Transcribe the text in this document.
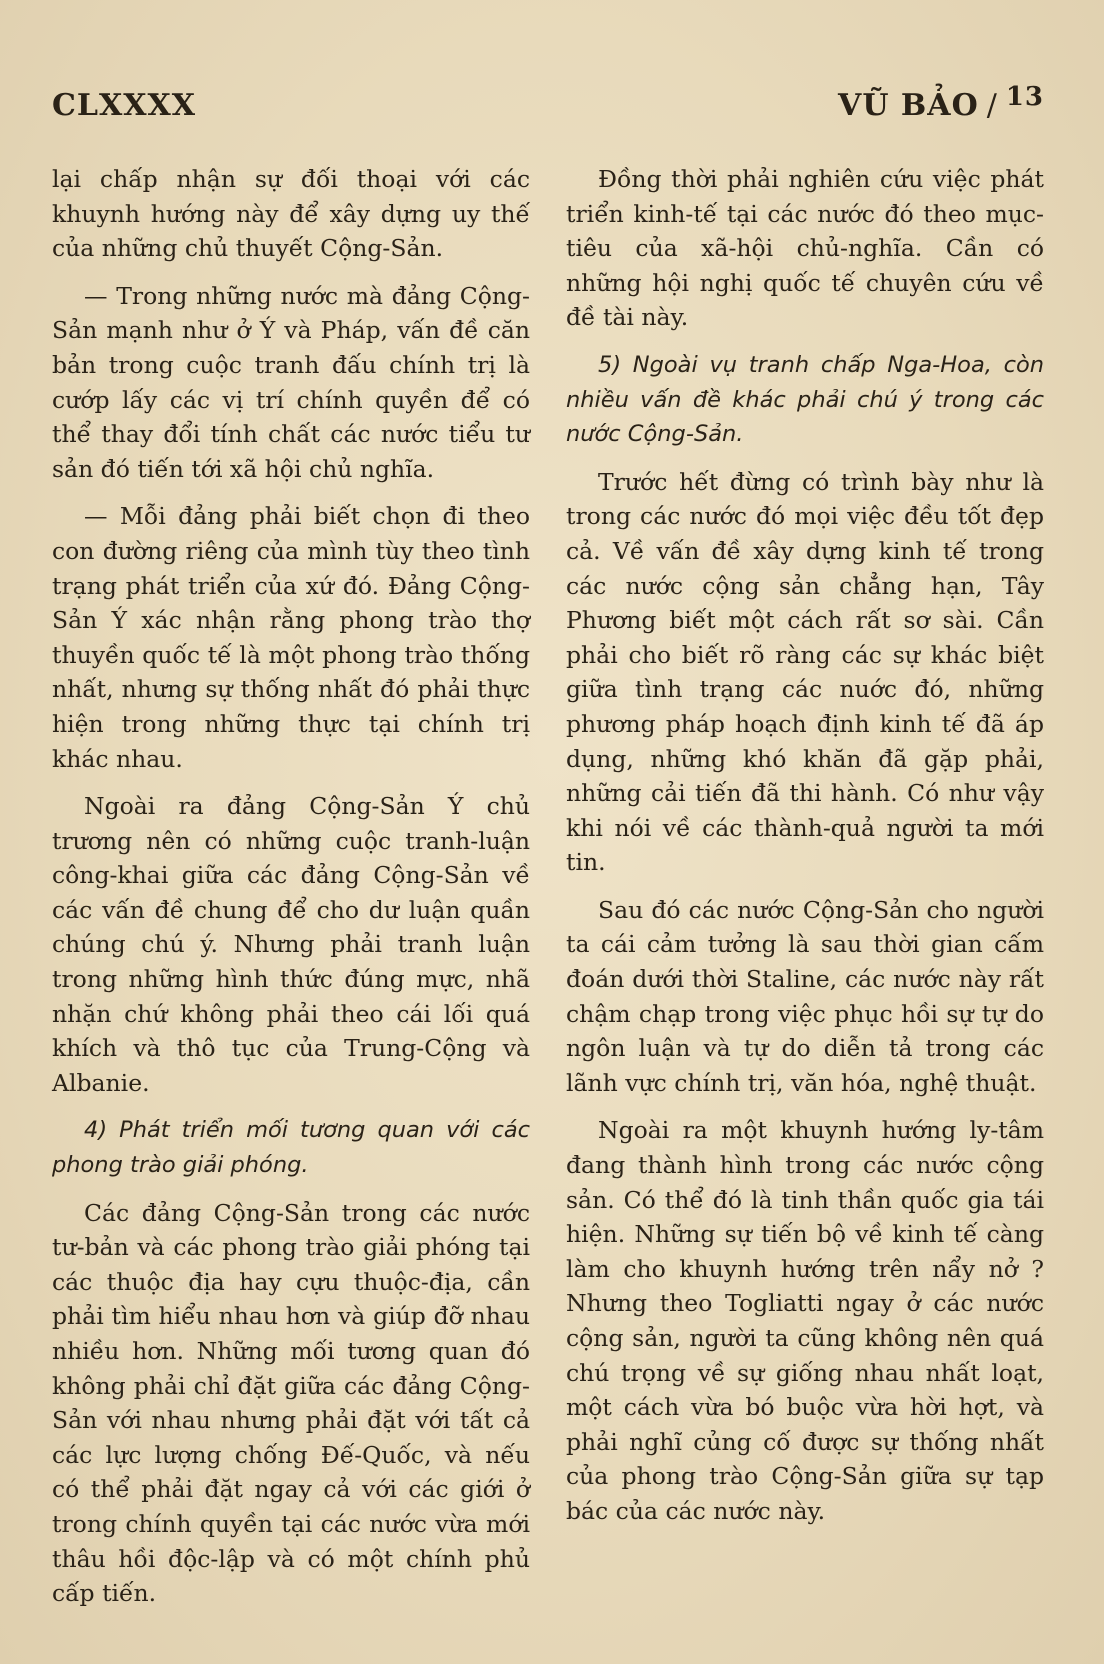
CLXXXX	VŨ BẢO / 13

lại chấp nhận sự đối thoại với các khuynh hướng này để xây dựng uy thế của những chủ thuyết Cộng-Sản.

— Trong những nước mà đảng Cộng-Sản mạnh như ở Ý và Pháp, vấn đề căn bản trong cuộc tranh đấu chính trị là cướp lấy các vị trí chính quyền để có thể thay đổi tính chất các nước tiểu tư sản đó tiến tới xã hội chủ nghĩa.

— Mỗi đảng phải biết chọn đi theo con đường riêng của mình tùy theo tình trạng phát triển của xứ đó. Đảng Cộng-Sản Ý xác nhận rằng phong trào thợ thuyền quốc tế là một phong trào thống nhất, nhưng sự thống nhất đó phải thực hiện trong những thực tại chính trị khác nhau.

Ngoài ra đảng Cộng-Sản Ý chủ trương nên có những cuộc tranh-luận công-khai giữa các đảng Cộng-Sản về các vấn đề chung để cho dư luận quần chúng chú ý. Nhưng phải tranh luận trong những hình thức đúng mực, nhã nhặn chứ không phải theo cái lối quá khích và thô tục của Trung-Cộng và Albanie.

4) Phát triển mối tương quan với các phong trào giải phóng.

Các đảng Cộng-Sản trong các nước tư-bản và các phong trào giải phóng tại các thuộc địa hay cựu thuộc-địa, cần phải tìm hiểu nhau hơn và giúp đỡ nhau nhiều hơn. Những mối tương quan đó không phải chỉ đặt giữa các đảng Cộng-Sản với nhau nhưng phải đặt với tất cả các lực lượng chống Đế-Quốc, và nếu có thể phải đặt ngay cả với các giới ở trong chính quyền tại các nước vừa mới thâu hồi độc-lập và có một chính phủ cấp tiến.

Đồng thời phải nghiên cứu việc phát triển kinh-tế tại các nước đó theo mục-tiêu của xã-hội chủ-nghĩa. Cần có những hội nghị quốc tế chuyên cứu về đề tài này.

5) Ngoài vụ tranh chấp Nga-Hoa, còn nhiều vấn đề khác phải chú ý trong các nước Cộng-Sản.

Trước hết đừng có trình bày như là trong các nước đó mọi việc đều tốt đẹp cả. Về vấn đề xây dựng kinh tế trong các nước cộng sản chẳng hạn, Tây Phương biết một cách rất sơ sài. Cần phải cho biết rõ ràng các sự khác biệt giữa tình trạng các nuớc đó, những phương pháp hoạch định kinh tế đã áp dụng, những khó khăn đã gặp phải, những cải tiến đã thi hành. Có như vậy khi nói về các thành-quả người ta mới tin.

Sau đó các nước Cộng-Sản cho người ta cái cảm tưởng là sau thời gian cấm đoán dưới thời Staline, các nước này rất chậm chạp trong việc phục hồi sự tự do ngôn luận và tự do diễn tả trong các lãnh vực chính trị, văn hóa, nghệ thuật.

Ngoài ra một khuynh hướng ly-tâm đang thành hình trong các nước cộng sản. Có thể đó là tinh thần quốc gia tái hiện. Những sự tiến bộ về kinh tế càng làm cho khuynh hướng trên nẩy nở ? Nhưng theo Togliatti ngay ở các nước cộng sản, người ta cũng không nên quá chú trọng về sự giống nhau nhất loạt, một cách vừa bó buộc vừa hời hợt, và phải nghĩ củng cố được sự thống nhất của phong trào Cộng-Sản giữa sự tạp bác của các nước này.
